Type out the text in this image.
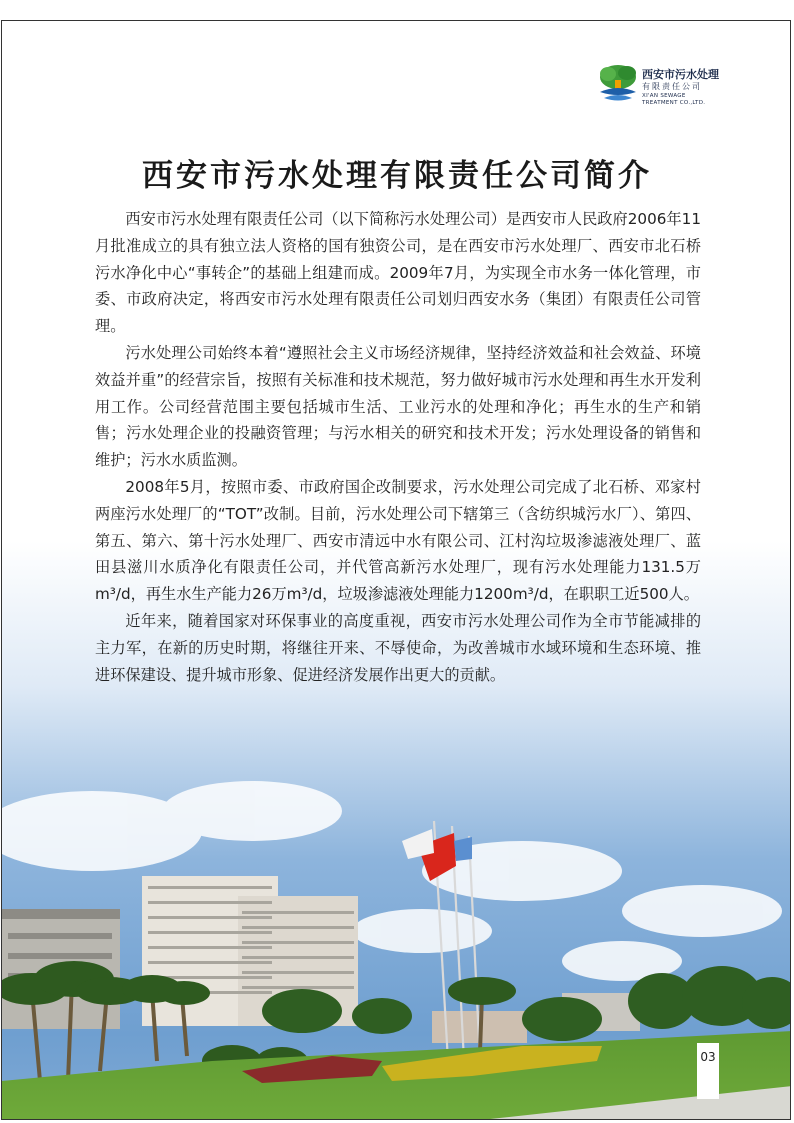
西安市污水处理
有限责任公司
XI'AN SEWAGE
TREATMENT CO.,LTD.
西安市污水处理有限责任公司简介

西安市污水处理有限责任公司（以下简称污水处理公司）是西安市人民政府2006年11月批准成立的具有独立法人资格的国有独资公司，是在西安市污水处理厂、西安市北石桥污水净化中心“事转企”的基础上组建而成。2009年7月，为实现全市水务一体化管理，市委、市政府决定，将西安市污水处理有限责任公司划归西安水务（集团）有限责任公司管理。

污水处理公司始终本着“遵照社会主义市场经济规律，坚持经济效益和社会效益、环境效益并重”的经营宗旨，按照有关标准和技术规范，努力做好城市污水处理和再生水开发利用工作。公司经营范围主要包括城市生活、工业污水的处理和净化；再生水的生产和销售；污水处理企业的投融资管理；与污水相关的研究和技术开发；污水处理设备的销售和维护；污水水质监测。

2008年5月，按照市委、市政府国企改制要求，污水处理公司完成了北石桥、邓家村两座污水处理厂的“TOT”改制。目前，污水处理公司下辖第三（含纺织城污水厂）、第四、第五、第六、第十污水处理厂、西安市清远中水有限公司、江村沟垃圾渗滤液处理厂、蓝田县滋川水质净化有限责任公司，并代管高新污水处理厂，现有污水处理能力131.5万m³/d，再生水生产能力26万m³/d，垃圾渗滤液处理能力1200m³/d，在职职工近500人。

近年来，随着国家对环保事业的高度重视，西安市污水处理公司作为全市节能减排的主力军，在新的历史时期，将继往开来、不辱使命，为改善城市水域环境和生态环境、推进环保建设、提升城市形象、促进经济发展作出更大的贡献。

03
